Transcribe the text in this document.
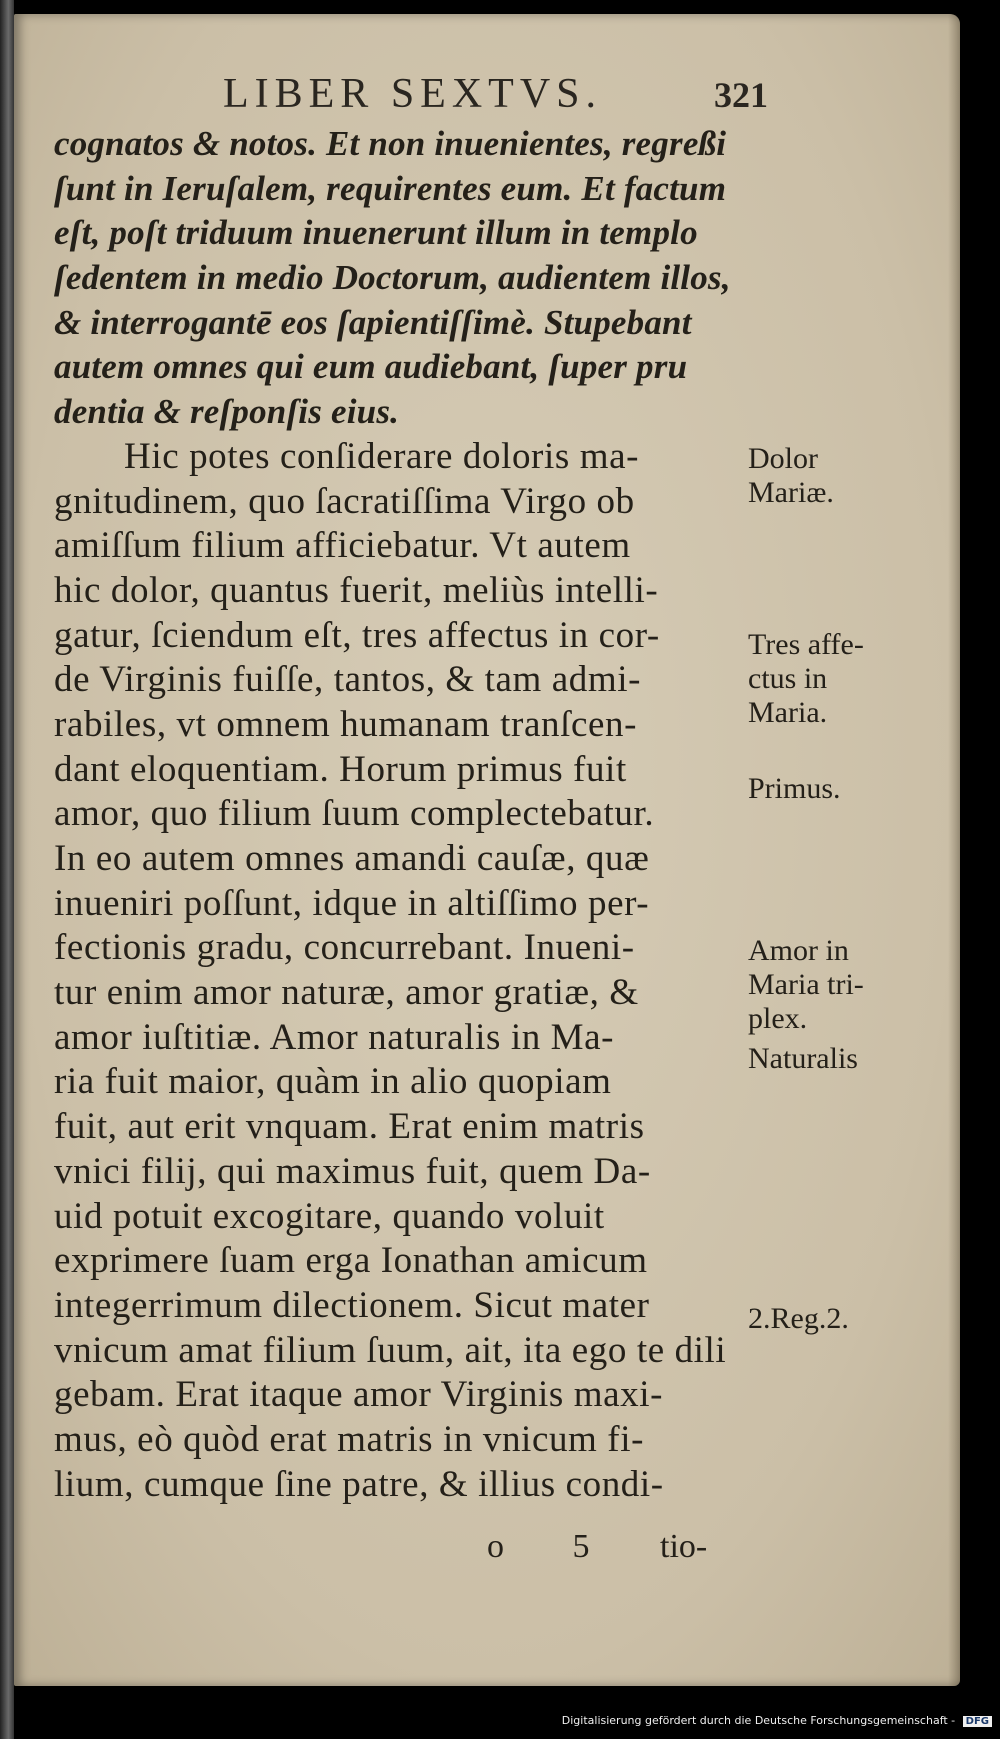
LIBER SEXTVS.	321
cognatos & notos. Et non inuenientes, regreßi
ſunt in Ieruſalem, requirentes eum. Et factum
eſt, poſt triduum inuenerunt illum in templo
ſedentem in medio Doctorum, audientem illos,
& interrogantē eos ſapientiſſimè. Stupebant
autem omnes qui eum audiebant, ſuper pru
dentia & reſponſis eius.
Hic potes conſiderare doloris ma-
gnitudinem, quo ſacratiſſima Virgo ob
amiſſum filium afficiebatur. Vt autem
hic dolor, quantus fuerit, meliùs intelli-
gatur, ſciendum eſt, tres affectus in cor-
de Virginis fuiſſe, tantos, & tam admi-
rabiles, vt omnem humanam tranſcen-
dant eloquentiam. Horum primus fuit
amor, quo filium ſuum complectebatur.
In eo autem omnes amandi cauſæ, quæ
inueniri poſſunt, idque in altiſſimo per-
fectionis gradu, concurrebant. Inueni-
tur enim amor naturæ, amor gratiæ, &
amor iuſtitiæ. Amor naturalis in Ma-
ria fuit maior, quàm in alio quopiam
fuit, aut erit vnquam. Erat enim matris
vnici filij, qui maximus fuit, quem Da-
uid potuit excogitare, quando voluit
exprimere ſuam erga Ionathan amicum
integerrimum dilectionem. Sicut mater
vnicum amat filium ſuum, ait, ita ego te dili
gebam. Erat itaque amor Virginis maxi-
mus, eò quòd erat matris in vnicum fi-
lium, cumque ſine patre, & illius condi-
Dolor
Mariæ.
Tres affe-
ctus in
Maria.
Primus.
Amor in
Maria tri-
plex.
Naturalis
2.Reg.2.
o 5 tio-
Digitalisierung gefördert durch die Deutsche Forschungsgemeinschaft - DFG
